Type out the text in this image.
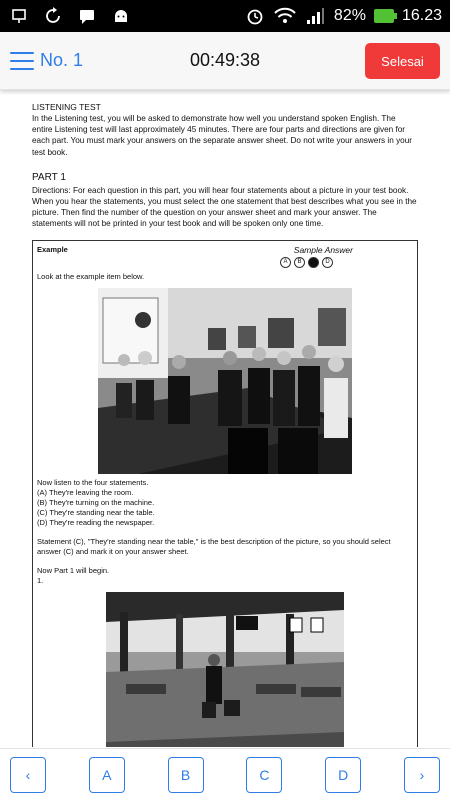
82% 16.23
No. 1	00:49:38	Selesai
LISTENING TEST

In the Listening test, you will be asked to demonstrate how well you understand spoken English. The entire Listening test will last approximately 45 minutes. There are four parts and directions are given for each part. You must mark your answers on the separate answer sheet. Do not write your answers in your test book.

PART 1

Directions: For each question in this part, you will hear four statements about a picture in your test book. When you hear the statements, you must select the one statement that best describes what you see in the picture. Then find the number of the question on your answer sheet and mark your answer. The statements will not be printed in your test book and will be spoken only one time.

Example	Sample Answer
A	B	D

Look at the example item below.

Now listen to the four statements.

(A) They're leaving the room.

(B) They're turning on the machine.

(C) They're standing near the table.

(D) They're reading the newspaper.

Statement (C), "They're standing near the table," is the best description of the picture, so you should select answer (C) and mark it on your answer sheet.

Now Part 1 will begin.

1.

‹	A	B	C	D	›
